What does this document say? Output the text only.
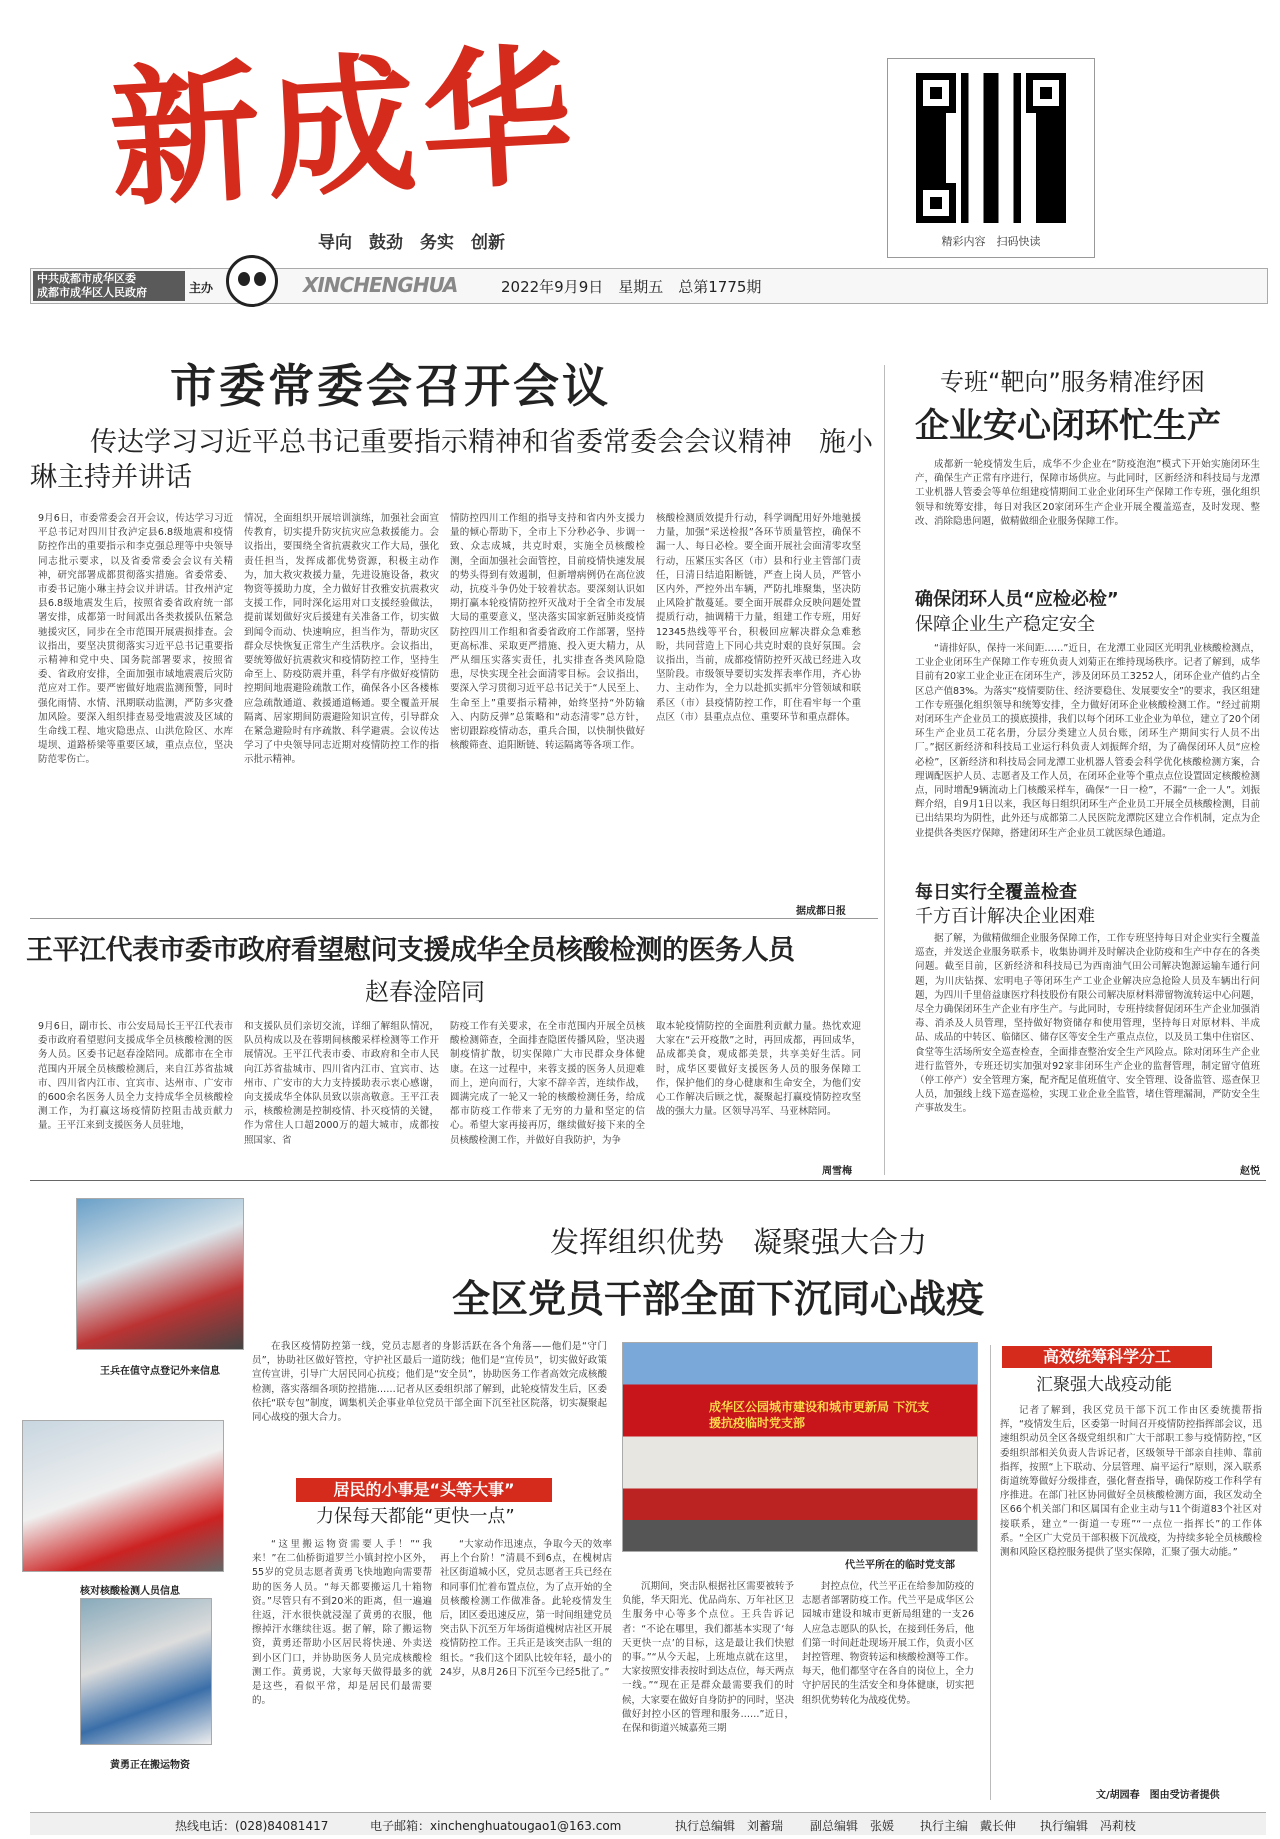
新成华
导向　鼓劲　务实　创新	精彩内容　扫码快读
中共成都市成华区委
成都市成华区人民政府	主办	XINCHENGHUA	2022年9月9日　星期五　总第1775期
市委常委会召开会议
传达学习习近平总书记重要指示精神和省委常委会会议精神　施小琳主持并讲话
9月6日，市委常委会召开会议，传达学习习近平总书记对四川甘孜泸定县6.8级地震和疫情防控作出的重要指示和李克强总理等中央领导同志批示要求，以及省委常委会会议有关精神，研究部署成都贯彻落实措施。省委常委、市委书记施小琳主持会议并讲话。甘孜州泸定县6.8级地震发生后，按照省委省政府统一部署安排，成都第一时间派出各类救援队伍紧急驰援灾区，同步在全市范围开展震损排查。会议指出，要坚决贯彻落实习近平总书记重要指示精神和党中央、国务院部署要求，按照省委、省政府安排，全面加强市域地震震后灾防范应对工作。要严密做好地震监测预警，同时强化雨情、水情、汛期联动监测，严防多灾叠加风险。要深入组织排查易受地震波及区域的生命线工程、地灾隐患点、山洪危险区、水库堤坝、道路桥梁等重要区域，重点点位，坚决防范零伤亡。
情况，全面组织开展培训演练，加强社会面宣传教育，切实提升防灾抗灾应急救援能力。会议指出，要围绕全省抗震救灾工作大局，强化责任担当，发挥成都优势资源，积极主动作为，加大救灾救援力量，先进设施设备，救灾物资等援助力度，全力做好甘孜雅安抗震救灾支援工作，同时深化运用对口支援经验做法，提前谋划做好灾后援建有关准备工作，切实做到闻令而动、快速响应，担当作为，帮助灾区群众尽快恢复正常生产生活秩序。会议指出，要统筹做好抗震救灾和疫情防控工作，坚持生命至上、防疫防震并重，科学有序做好疫情防控期间地震避险疏散工作，确保各小区各楼栋应急疏散通道、救援通道畅通。要全覆盖开展隔离、居家期间防震避险知识宣传，引导群众在紧急避险时有序疏散、科学避震。会议传达学习了中央领导同志近期对疫情防控工作的指示批示精神。
情防控四川工作组的指导支持和省内外支援力量的倾心帮助下，全市上下分秒必争、步调一致、众志成城，共克时艰，实施全员核酸检测，全面加强社会面管控，目前疫情快速发展的势头得到有效遏制，但新增病例仍在高位波动，抗疫斗争仍处于较着状态。要深刻认识如期打赢本轮疫情防控歼灭战对于全省全市发展大局的重要意义，坚决落实国家新冠肺炎疫情防控四川工作组和省委省政府工作部署，坚持更高标准、采取更严措施、投入更大精力，从严从细压实落实责任，扎实排查各类风险隐患，尽快实现全社会面清零目标。会议指出，要深入学习贯彻习近平总书记关于“人民至上、生命至上”重要指示精神，始终坚持“外防输入、内防反弹”总策略和“动态清零”总方针，密切跟踪疫情动态，重兵合围，以快制快做好核酸筛查、追阳断链、转运隔离等各项工作。
核酸检测质效提升行动，科学调配用好外地驰援力量，加强“采送检报”各环节质量管控，确保不漏一人、每日必检。要全面开展社会面清零攻坚行动，压紧压实各区（市）县和行业主管部门责任，日清日结追阳断链，严查上岗人员，严管小区内外，严控外出车辆，严防扎堆聚集，坚决防止风险扩散蔓延。要全面开展群众反映问题处置提质行动，抽调精干力量，组建工作专班，用好12345热线等平台，积极回应解决群众急难愁盼，共同营造上下同心共克时艰的良好氛围。会议指出，当前，成都疫情防控歼灭战已经进入攻坚阶段。市级领导要切实发挥表率作用，齐心协力、主动作为，全力以赴抓实抓牢分管领域和联系区（市）县疫情防控工作，盯住看牢每一个重点区（市）县重点点位、重要环节和重点群体。
据成都日报
王平江代表市委市政府看望慰问支援成华全员核酸检测的医务人员
赵春淦陪同
9月6日，副市长、市公安局局长王平江代表市委市政府看望慰问支援成华全员核酸检测的医务人员。区委书记赵春淦陪同。成都市在全市范围内开展全员核酸检测后，来自江苏省盐城市、四川省内江市、宜宾市、达州市、广安市的600余名医务人员全力支持成华全员核酸检测工作，为打赢这场疫情防控阻击战贡献力量。王平江来到支援医务人员驻地，
和支援队员们亲切交流，详细了解组队情况，队员构成以及在蓉期间核酸采样检测等工作开展情况。王平江代表市委、市政府和全市人民向江苏省盐城市、四川省内江市、宜宾市、达州市、广安市的大力支持援助表示衷心感谢，向支援成华全体队员致以崇高敬意。王平江表示，核酸检测是控制疫情、扑灭疫情的关键，作为常住人口超2000万的超大城市，成都按照国家、省
防疫工作有关要求，在全市范围内开展全员核酸检测筛查，全面排查隐匿传播风险，坚决遏制疫情扩散，切实保障广大市民群众身体健康。在这一过程中，来蓉支援的医务人员迎难而上，逆向而行，大家不辞辛苦，连续作战，圆满完成了一轮又一轮的核酸检测任务，给成都市防疫工作带来了无穷的力量和坚定的信心。希望大家再接再厉，继续做好接下来的全员核酸检测工作，并做好自我防护，为争
取本轮疫情防控的全面胜利贡献力量。热忱欢迎大家在“云开疫散”之时，再回成都，再回成华，品成都美食，观成都美景，共享美好生活。同时，成华区要做好支援医务人员的服务保障工作，保护他们的身心健康和生命安全，为他们安心工作解决后顾之忧，凝聚起打赢疫情防控攻坚战的强大力量。区领导冯军、马亚林陪同。
周雪梅
专班“靶向”服务精准纾困
企业安心闭环忙生产
成都新一轮疫情发生后，成华不少企业在“防疫泡泡”模式下开始实施闭环生产，确保生产正常有序进行，保障市场供应。与此同时，区新经济和科技局与龙潭工业机器人管委会等单位组建疫情期间工业企业闭环生产保障工作专班，强化组织领导和统筹安排，每日对我区20家闭环生产企业开展全覆盖巡查，及时发现、整改、消除隐患问题，做精做细企业服务保障工作。
确保闭环人员“应检必检”
保障企业生产稳定安全
“请排好队，保持一米间距……”近日，在龙潭工业园区光明乳业核酸检测点，工业企业闭环生产保障工作专班负责人刘菊正在维持现场秩序。记者了解到，成华目前有20家工业企业正在闭环生产，涉及闭环员工3252人，闭环企业产值约占全区总产值83%。为落实“疫情要防住、经济要稳住、发展要安全”的要求，我区组建工作专班强化组织领导和统筹安排，全力做好闭环企业核酸检测工作。“经过前期对闭环生产企业员工的摸底摸排，我们以每个闭环工业企业为单位，建立了20个闭环生产企业员工花名册，分层分类建立人员台账，闭环生产期间实行人员不出厂。”据区新经济和科技局工业运行科负责人刘振辉介绍，为了确保闭环人员“应检必检”，区新经济和科技局会同龙潭工业机器人管委会科学优化核酸检测方案，合理调配医护人员、志愿者及工作人员，在闭环企业等个重点点位设置固定核酸检测点，同时增配9辆流动上门核酸采样车，确保“一日一检”，不漏“一企一人”。刘振辉介绍，自9月1日以来，我区每日组织闭环生产企业员工开展全员核酸检测，目前已出结果均为阴性，此外还与成都第二人民医院龙潭院区建立合作机制，定点为企业提供各类医疗保障，搭建闭环生产企业员工就医绿色通道。
每日实行全覆盖检查
千方百计解决企业困难
据了解，为做精做细企业服务保障工作，工作专班坚持每日对企业实行全覆盖巡查，并发送企业服务联系卡，收集协调并及时解决企业防疫和生产中存在的各类问题。截至目前，区新经济和科技局已为西南油气田公司解决饱源运输车通行问题，为川庆钻探、宏明电子等闭环生产工业企业解决应急抢险人员及车辆出行问题，为四川千里倍益康医疗科技股份有限公司解决原材料滞留物流转运中心问题，尽全力确保闭环生产企业有序生产。与此同时，专班持续督促闭环生产企业加强消毒、消杀及人员管理，坚持做好物资储存和使用管理，坚持每日对原材料、半成品、成品的中转区、临储区、储存区等安全生产重点点位，以及员工集中住宿区、食堂等生活场所安全巡查检查，全面排查整治安全生产风险点。除对闭环生产企业进行监管外，专班还切实加强对92家非闭环生产企业的监督管理，制定留守值班（停工停产）安全管理方案，配齐配足值班值守、安全管理、设备监管、巡查保卫人员，加强线上线下巡查巡检，实现工业企业全监管，堵住管理漏洞，严防安全生产事故发生。
赵悦
发挥组织优势　凝聚强大合力
全区党员干部全面下沉同心战疫
王兵在值守点登记外来信息
核对核酸检测人员信息
黄勇正在搬运物资
在我区疫情防控第一线，党员志愿者的身影活跃在各个角落——他们是“守门员”，协助社区做好管控，守护社区最后一道防线；他们是“宣传员”，切实做好政策宣传宣讲，引导广大居民同心抗疫；他们是“安全员”，协助医务工作者高效完成核酸检测，落实落细各项防控措施……记者从区委组织部了解到，此轮疫情发生后，区委依托“联专包”制度，调集机关企事业单位党员干部全面下沉至社区院落，切实凝聚起同心战疫的强大合力。
居民的小事是“头等大事”
力保每天都能“更快一点”
“这里搬运物资需要人手！”“我来！”在二仙桥街道罗兰小镇封控小区外，55岁的党员志愿者黄勇飞快地跑向需要帮助的医务人员。“每天都要搬运几十箱物资。”尽管只有不到20米的距离，但一遍遍往返，汗水很快就浸湿了黄勇的衣服，他擦掉汗水继续往返。据了解，除了搬运物资，黄勇还帮助小区居民将快递、外卖送到小区门口，并协助医务人员完成核酸检测工作。黄勇说，大家每天做得最多的就是这些，看似平常，却是居民们最需要的。
“大家动作迅速点，争取今天的效率再上个台阶！”清晨不到6点，在槐树店社区街道城小区，党员志愿者王兵已经在和同事们忙着布置点位，为了点开始的全员核酸检测工作做准备。此轮疫情发生后，团区委迅速反应，第一时间组建党员突击队下沉至万年场街道槐树店社区开展疫情防控工作。王兵正是该突击队一组的组长。“我们这个团队比较年轻，最小的24岁，从8月26日下沉至今已经5批了。”
成华区公园城市建设和城市更新局 下沉支援抗疫临时党支部
代兰平所在的临时党支部
沉期间，突击队根据社区需要被转予负能，华天阳光、优品尚东、万年社区卫生服务中心等多个点位。王兵告诉记者：“不论在哪里，我们都基本实现了‘每天更快一点’的目标，这是最让我们快慰的事。”“从今天起，上班地点就在这里，大家按照安排表按时到达点位，每天两点一线。”“现在正是群众最需要我们的时候，大家要在做好自身防护的同时，坚决做好封控小区的管理和服务……”近日，在保和街道兴城嘉苑三期
封控点位，代兰平正在给参加防疫的志愿者部署防疫工作。代兰平是成华区公园城市建设和城市更新局组建的一支26人应急志愿队的队长，在接到任务后，他们第一时间赶赴现场开展工作，负责小区封控管理、物资转运和核酸检测等工作。每天，他们都坚守在各自的岗位上，全力守护居民的生活安全和身体健康，切实把组织优势转化为战疫优势。
高效统筹科学分工
汇聚强大战疫动能
记者了解到，我区党员干部下沉工作由区委统揽帮指挥，“疫情发生后，区委第一时间召开疫情防控指挥部会议，迅速组织动员全区各级党组织和广大干部职工参与疫情防控，”区委组织部相关负责人告诉记者，区级领导干部亲自挂帅、靠前指挥，按照“上下联动、分层管理、扁平运行”原则，深入联系街道统筹做好分级排查，强化督查指导，确保防疫工作科学有序推进。在部门社区协同做好全员核酸检测方面，我区发动全区66个机关部门和区属国有企业主动与11个街道83个社区对接联系，建立“一街道一专班”“一点位一指挥长”的工作体系。“全区广大党员干部积极下沉战疫，为持续多轮全员核酸检测和风险区稳控服务提供了坚实保障，汇聚了强大动能。”
文/胡园春　图由受访者提供
热线电话：(028)84081417	电子邮箱：xinchenghuatougao1@163.com	执行总编辑　刘蓄瑞 副总编辑　张媛 执行主编　戴长伸 执行编辑　冯莉枝
